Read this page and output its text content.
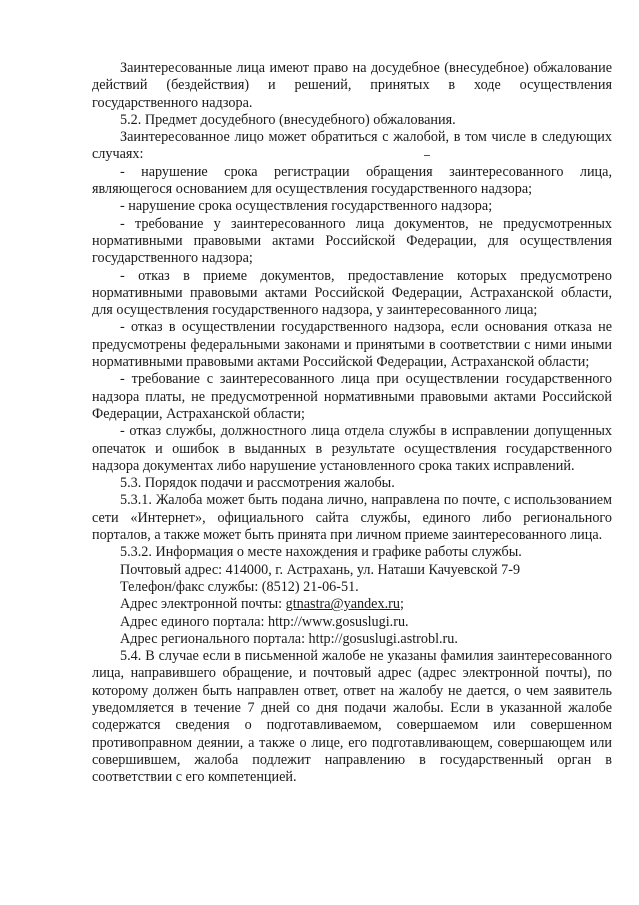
Заинтересованные лица имеют право на досудебное (внесудебное) обжалование действий (бездействия) и решений, принятых в ходе осуществления государственного надзора.

5.2. Предмет досудебного (внесудебного) обжалования.

Заинтересованное лицо может обратиться с жалобой, в том числе в следующих случаях:

- нарушение срока регистрации обращения заинтересованного лица, являющегося основанием для осуществления государственного надзора;

- нарушение срока осуществления государственного надзора;

- требование у заинтересованного лица документов, не предусмотренных нормативными правовыми актами Российской Федерации, для осуществления государственного надзора;

- отказ в приеме документов, предоставление которых предусмотрено нормативными правовыми актами Российской Федерации, Астраханской области, для осуществления государственного надзора, у заинтересованного лица;

- отказ в осуществлении государственного надзора, если основания отказа не предусмотрены федеральными законами и принятыми в соответствии с ними иными нормативными правовыми актами Российской Федерации, Астраханской области;

- требование с заинтересованного лица при осуществлении государственного надзора платы, не предусмотренной нормативными правовыми актами Российской Федерации, Астраханской области;

- отказ службы, должностного лица отдела службы в исправлении допущенных опечаток и ошибок в выданных в результате осуществления государственного надзора документах либо нарушение установленного срока таких исправлений.

5.3. Порядок подачи и рассмотрения жалобы.

5.3.1. Жалоба может быть подана лично, направлена по почте, с использованием сети «Интернет», официального сайта службы, единого либо регионального порталов, а также может быть принята при личном приеме заинтересованного лица.

5.3.2. Информация о месте нахождения и графике работы службы.

Почтовый адрес: 414000, г. Астрахань, ул. Наташи Качуевской 7-9

Телефон/факс службы: (8512) 21-06-51.

Адрес электронной почты: gtnastra@yandex.ru;

Адрес единого портала: http://www.gosuslugi.ru.

Адрес регионального портала: http://gosuslugi.astrobl.ru.

5.4. В случае если в письменной жалобе не указаны фамилия заинтересованного лица, направившего обращение, и почтовый адрес (адрес электронной почты), по которому должен быть направлен ответ, ответ на жалобу не дается, о чем заявитель уведомляется в течение 7 дней со дня подачи жалобы. Если в указанной жалобе содержатся сведения о подготавливаемом, совершаемом или совершенном противоправном деянии, а также о лице, его подготавливающем, совершающем или совершившем, жалоба подлежит направлению в государственный орган в соответствии с его компетенцией.
